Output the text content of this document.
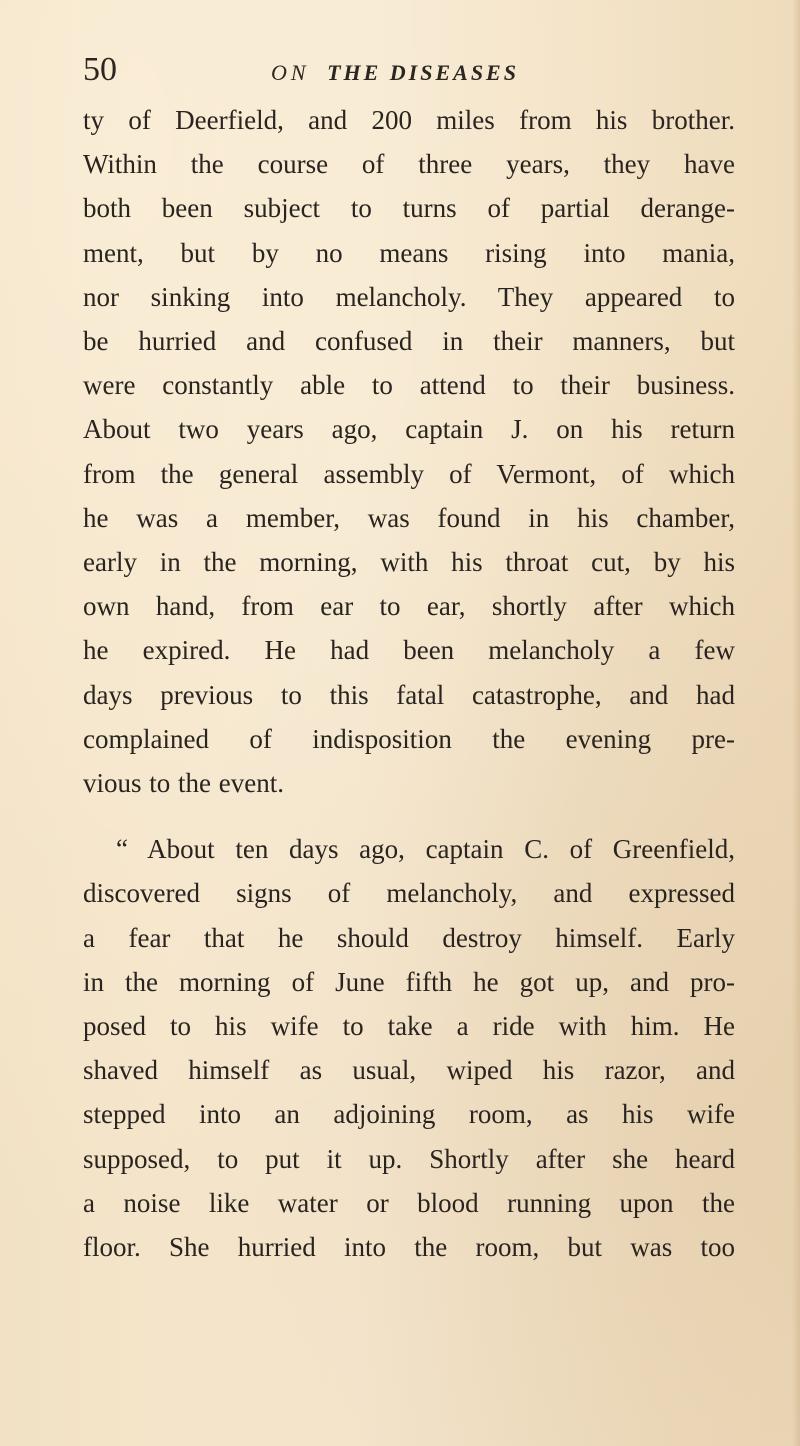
50	ON THE DISEASES

ty of Deerfield, and 200 miles from his brother.
Within the course of three years, they have
both been subject to turns of partial derange-
ment, but by no means rising into mania,
nor sinking into melancholy. They appeared to
be hurried and confused in their manners, but
were constantly able to attend to their business.
About two years ago, captain J. on his return
from the general assembly of Vermont, of which
he was a member, was found in his chamber,
early in the morning, with his throat cut, by his
own hand, from ear to ear, shortly after which
he expired. He had been melancholy a few
days previous to this fatal catastrophe, and had
complained of indisposition the evening pre-
vious to the event.

“ About ten days ago, captain C. of Greenfield,
discovered signs of melancholy, and expressed
a fear that he should destroy himself. Early
in the morning of June fifth he got up, and pro-
posed to his wife to take a ride with him. He
shaved himself as usual, wiped his razor, and
stepped into an adjoining room, as his wife
supposed, to put it up. Shortly after she heard
a noise like water or blood running upon the
floor. She hurried into the room, but was too
